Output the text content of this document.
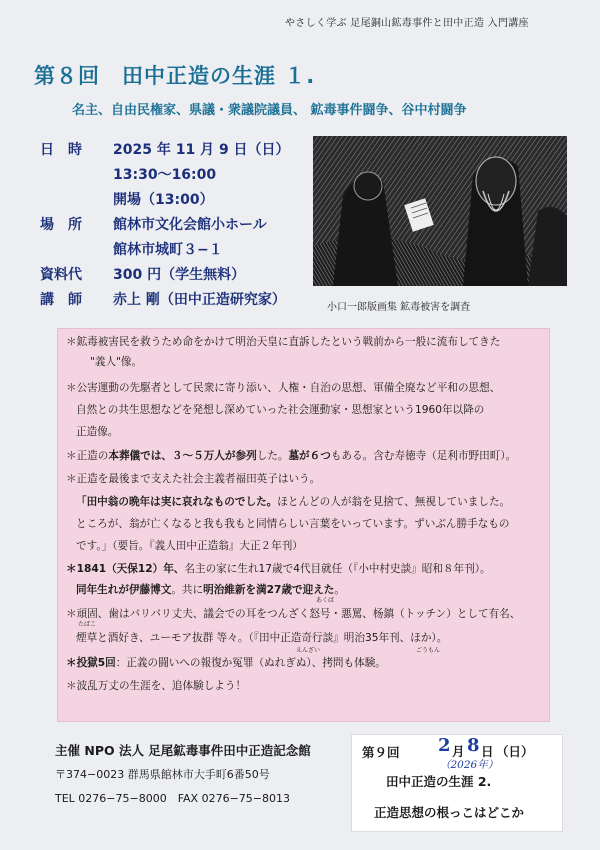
やさしく学ぶ 足尾銅山鉱毒事件と田中正造 入門講座
第８回　田中正造の生涯 １.
名主、自由民権家、県議・衆議院議員、 鉱毒事件闘争、谷中村闘争
日　時 2025 年 11 月 9 日（日）
13:30～16:00
開場（13:00）
場　所 館林市文化会館小ホール
館林市城町３−１
資料代 300 円（学生無料）
講　師 赤上 剛（田中正造研究家）	小口一郎版画集 鉱毒被害を調査
＊鉱毒被害民を救うため命をかけて明治天皇に直訴したという戦前から一般に流布してきた
"義人"像。
＊公害運動の先駆者として民衆に寄り添い、人権・自治の思想、軍備全廃など平和の思想、
自然との共生思想などを発想し深めていった社会運動家・思想家という1960年以降の
正造像。
＊正造の本葬儀では、３～５万人が参列した。墓が６つもある。含む寿徳寺（足利市野田町）。
＊正造を最後まで支えた社会主義者福田英子はいう。
「田中翁の晩年は実に哀れなものでした。ほとんどの人が翁を見捨て、無視していました。
ところが、翁が亡くなると我も我もと同情らしい言葉をいっています。ずいぶん勝手なもの
です。」（要旨。『義人田中正造翁』大正２年刊）
＊1841（天保12）年、名主の家に生れ17歳で4代目就任（『小中村史談』昭和８年刊）。
同年生れが伊藤博文。共に明治維新を満27歳で迎えた。
あくば
＊頑固、歯はバリバリ丈夫、議会での耳をつんざく怒号・悪罵、杨鎮（トッチン）として有名、
たばこ
煙草と酒好き、ユーモア抜群 等々。（『田中正造奇行談』明治35年刊、ほか）。
えんざい	ごうもん
＊投獄5回：正義の闘いへの報復か冤罪（ぬれぎぬ）、拷問も体験。
＊波乱万丈の生涯を、追体験しよう！
主催 NPO 法人 足尾鉱毒事件田中正造記念館
〒374−0023 群馬県館林市大手町6番50号
TEL 0276−75−8000　FAX 0276−75−8013
第９回 2 月 8 日 （日）
（2026年）
田中正造の生涯 2.
正造思想の根っこはどこか
